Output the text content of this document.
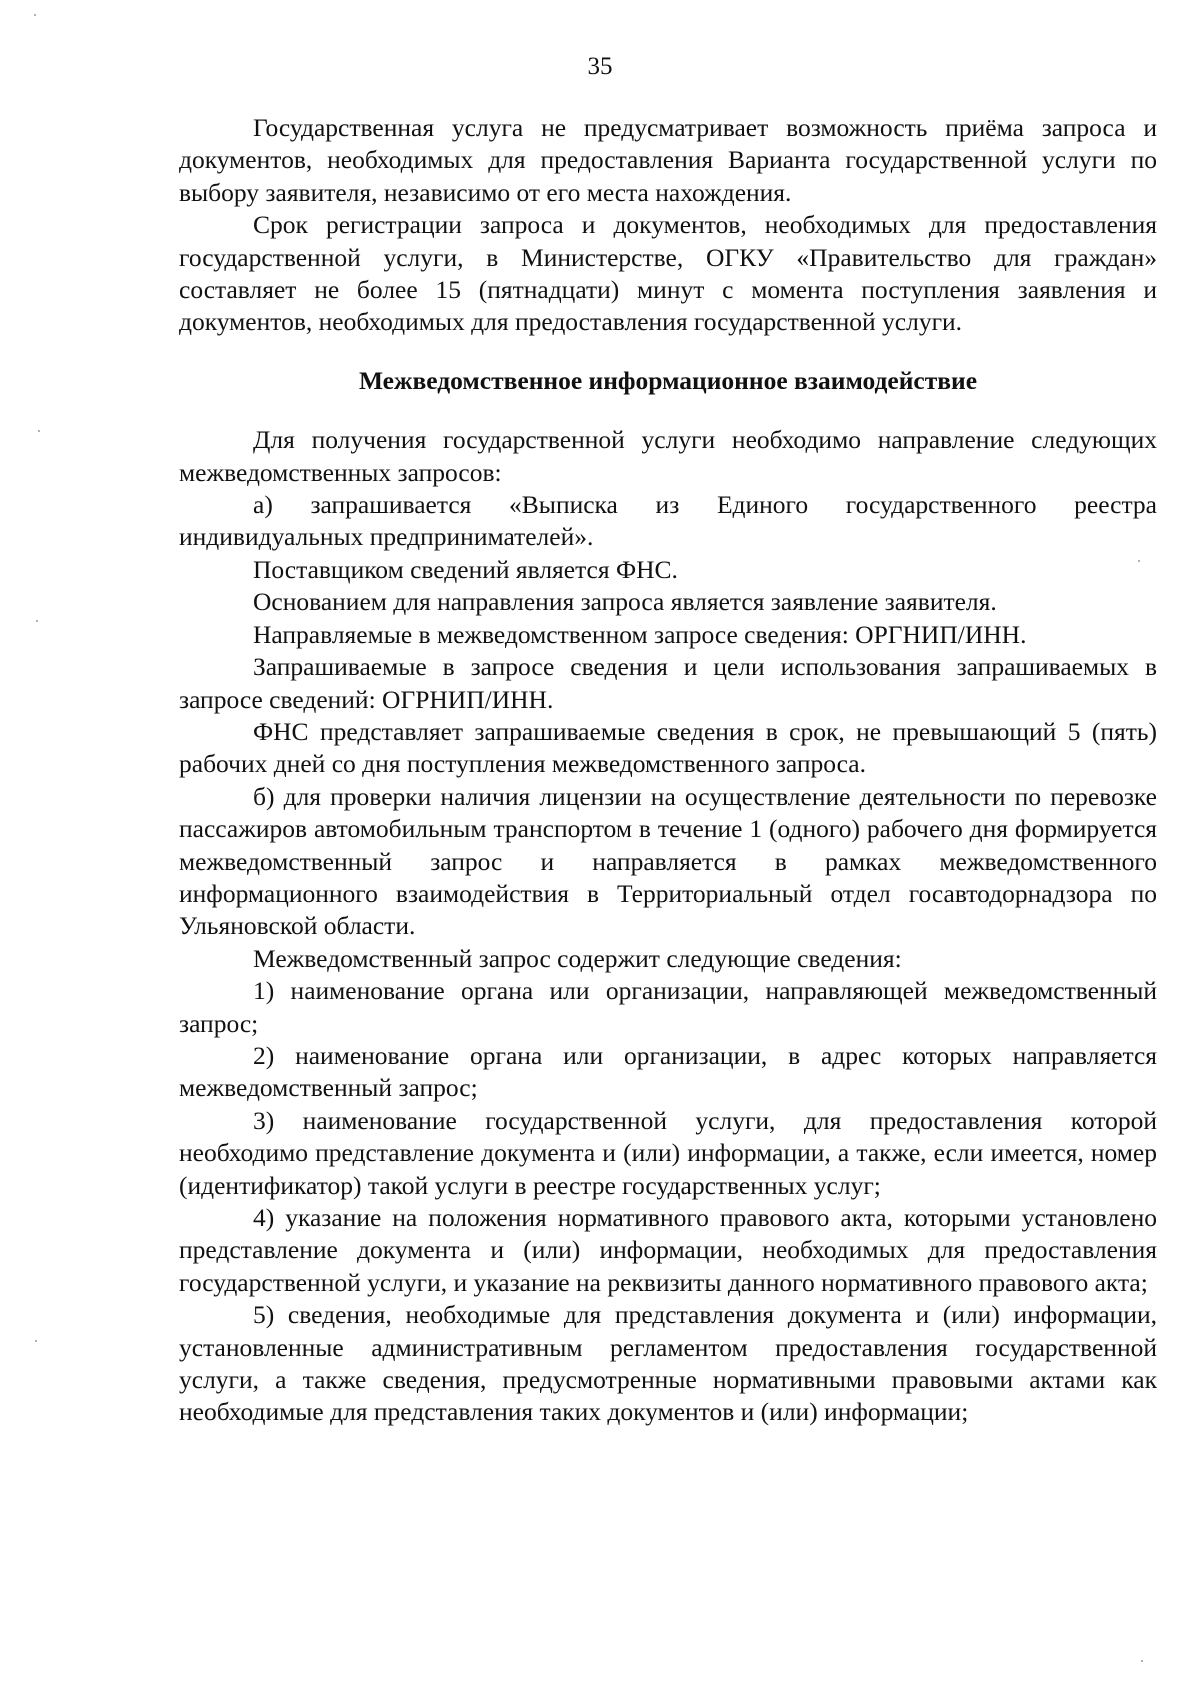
35

Государственная услуга не предусматривает возможность приёма запроса и документов, необходимых для предоставления Варианта государственной услуги по выбору заявителя, независимо от его места нахождения.

Срок регистрации запроса и документов, необходимых для предоставления государственной услуги, в Министерстве, ОГКУ «Правительство для граждан» составляет не более 15 (пятнадцати) минут с момента поступления заявления и документов, необходимых для предоставления государственной услуги.

Межведомственное информационное взаимодействие

Для получения государственной услуги необходимо направление следующих межведомственных запросов:

а) запрашивается «Выписка из Единого государственного реестра индивидуальных предпринимателей».

Поставщиком сведений является ФНС.

Основанием для направления запроса является заявление заявителя.

Направляемые в межведомственном запросе сведения: ОРГНИП/ИНН.

Запрашиваемые в запросе сведения и цели использования запрашиваемых в запросе сведений: ОГРНИП/ИНН.

ФНС представляет запрашиваемые сведения в срок, не превышающий 5 (пять) рабочих дней со дня поступления межведомственного запроса.

б) для проверки наличия лицензии на осуществление деятельности по перевозке пассажиров автомобильным транспортом в течение 1 (одного) рабочего дня формируется межведомственный запрос и направляется в рамках межведомственного информационного взаимодействия в Территориальный отдел госавтодорнадзора по Ульяновской области.

Межведомственный запрос содержит следующие сведения:

1) наименование органа или организации, направляющей межведомственный запрос;

2) наименование органа или организации, в адрес которых направляется межведомственный запрос;

3) наименование государственной услуги, для предоставления которой необходимо представление документа и (или) информации, а также, если имеется, номер (идентификатор) такой услуги в реестре государственных услуг;

4) указание на положения нормативного правового акта, которыми установлено представление документа и (или) информации, необходимых для предоставления государственной услуги, и указание на реквизиты данного нормативного правового акта;

5) сведения, необходимые для представления документа и (или) информации, установленные административным регламентом предоставления государственной услуги, а также сведения, предусмотренные нормативными правовыми актами как необходимые для представления таких документов и (или) информации;
